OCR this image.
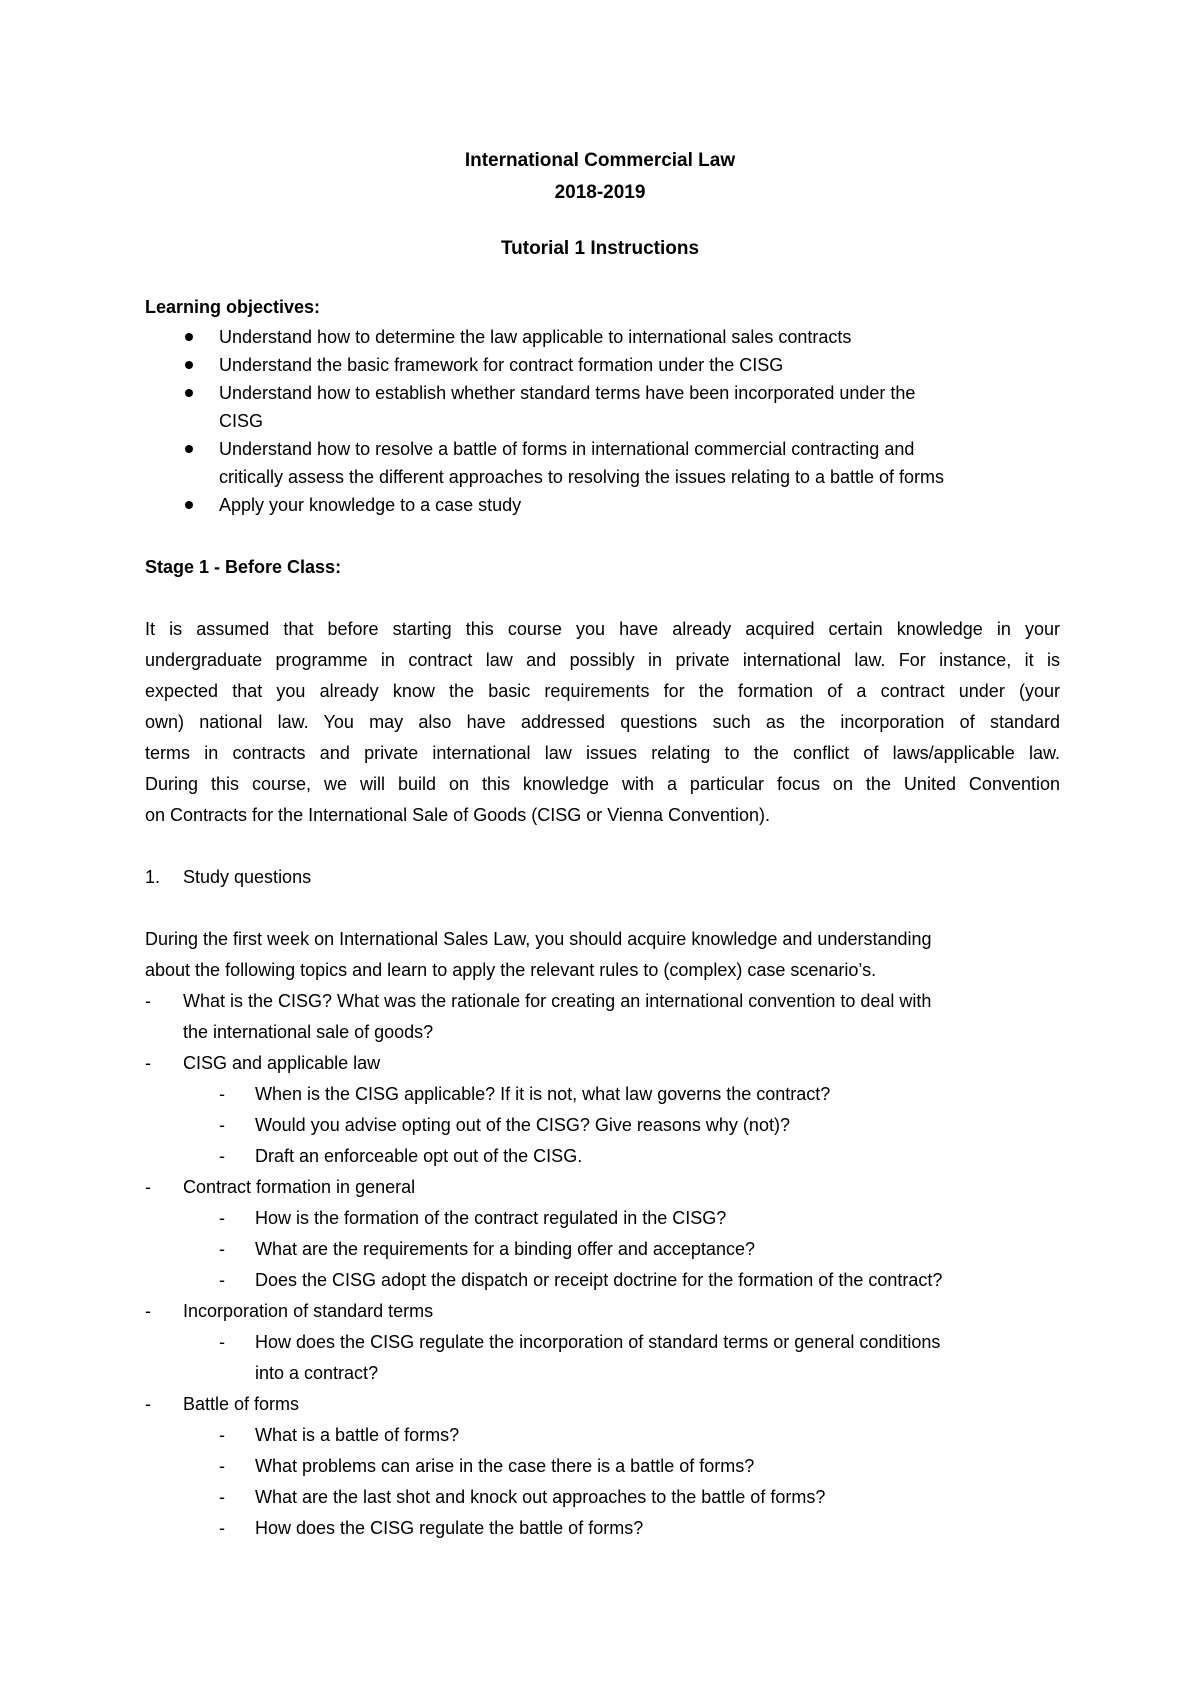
International Commercial Law
2018-2019
Tutorial 1 Instructions
Learning objectives:
Understand how to determine the law applicable to international sales contracts
Understand the basic framework for contract formation under the CISG
Understand how to establish whether standard terms have been incorporated under the
CISG
Understand how to resolve a battle of forms in international commercial contracting and
critically assess the different approaches to resolving the issues relating to a battle of forms
Apply your knowledge to a case study
Stage 1 - Before Class:
It is assumed that before starting this course you have already acquired certain knowledge in your
undergraduate programme in contract law and possibly in private international law. For instance, it is
expected that you already know the basic requirements for the formation of a contract under (your
own) national law. You may also have addressed questions such as the incorporation of standard
terms in contracts and private international law issues relating to the conflict of laws/applicable law.
During this course, we will build on this knowledge with a particular focus on the United Convention
on Contracts for the International Sale of Goods (CISG or Vienna Convention).
1. Study questions
During the first week on International Sales Law, you should acquire knowledge and understanding
about the following topics and learn to apply the relevant rules to (complex) case scenario’s.
- What is the CISG? What was the rationale for creating an international convention to deal with
the international sale of goods?
- CISG and applicable law
- When is the CISG applicable? If it is not, what law governs the contract?
- Would you advise opting out of the CISG? Give reasons why (not)?
- Draft an enforceable opt out of the CISG.
- Contract formation in general
- How is the formation of the contract regulated in the CISG?
- What are the requirements for a binding offer and acceptance?
- Does the CISG adopt the dispatch or receipt doctrine for the formation of the contract?
- Incorporation of standard terms
- How does the CISG regulate the incorporation of standard terms or general conditions
into a contract?
- Battle of forms
- What is a battle of forms?
- What problems can arise in the case there is a battle of forms?
- What are the last shot and knock out approaches to the battle of forms?
- How does the CISG regulate the battle of forms?
